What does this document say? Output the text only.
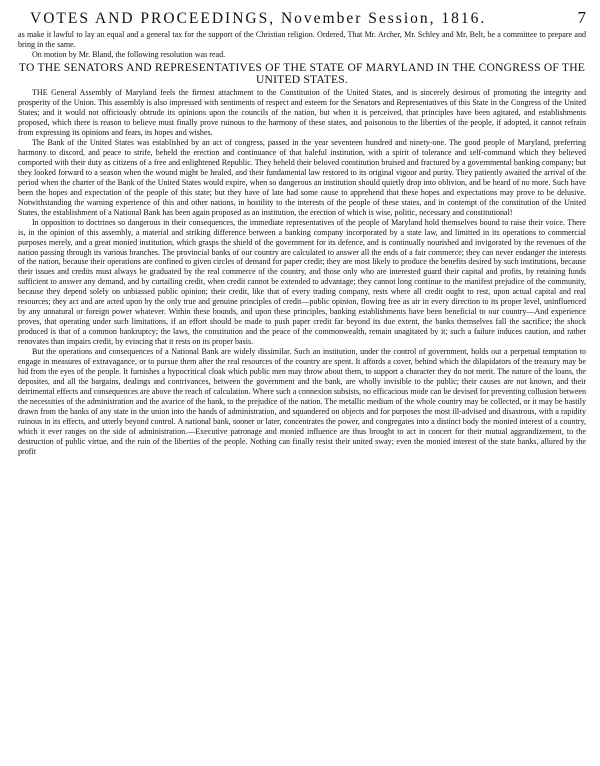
VOTES AND PROCEEDINGS, November Session, 1816.	7

as make it lawful to lay an equal and a general tax for the support of the Christian religion. Ordered, That Mr. Archer, Mr. Schley and Mr. Belt, be a committee to prepare and bring in the same.

On motion by Mr. Bland, the following resolution was read.

TO THE SENATORS AND REPRESENTATIVES OF THE STATE OF MARYLAND IN THE CONGRESS OF THE UNITED STATES.

THE General Assembly of Maryland feels the firmest attachment to the Constitution of the United States, and is sincerely desirous of promoting the integrity and prosperity of the Union. This assembly is also impressed with sentiments of respect and esteem for the Senators and Representatives of this State in the Congress of the United States; and it would not officiously obtrude its opinions upon the councils of the nation, but when it is perceived, that principles have been agitated, and establishments proposed, which there is reason to believe must finally prove ruinous to the harmony of these states, and poisonous to the liberties of the people, if adopted, it cannot refrain from expressing its opinions and fears, its hopes and wishes.

The Bank of the United States was established by an act of congress, passed in the year seventeen hundred and ninety-one. The good people of Maryland, preferring harmony to discord, and peace to strife, beheld the erection and continuance of that baleful institution, with a spirit of tolerance and self-command which they believed comported with their duty as citizens of a free and enlightened Republic. They beheld their beloved constitution bruised and fractured by a governmental banking company; but they looked forward to a season when the wound might be healed, and their fundamental law restored to its original vigour and purity. They patiently awaited the arrival of the period when the charter of the Bank of the United States would expire, when so dangerous an institution should quietly drop into oblivion, and be heard of no more. Such have been the hopes and expectation of the people of this state; but they have of late had some cause to apprehend that these hopes and expectations may prove to be delusive. Notwithstanding the warning experience of this and other nations, in hostility to the interests of the people of these states, and in contempt of the constitution of the United States, the establishment of a National Bank has been again proposed as an institution, the erection of which is wise, politic, necessary and constitutional!

In opposition to doctrines so dangerous in their consequences, the immediate representatives of the people of Maryland hold themselves bound to raise their voice. There is, in the opinion of this assembly, a material and striking difference between a banking company incorporated by a state law, and limitted in its operations to commercial purposes merely, and a great monied institution, which grasps the shield of the government for its defence, and is continually nourished and invigorated by the revenues of the nation passing through its various branches. The provincial banks of our country are calculated to answer all the ends of a fair commerce; they can never endanger the interests of the nation, because their operations are confined to given circles of demand for paper credit; they are most likely to produce the benefits desired by such institutions, because their issues and credits must always be graduated by the real commerce of the country, and those only who are interested guard their capital and profits, by retaining funds sufficient to answer any demand, and by curtailing credit, when credit cannot be extended to advantage; they cannot long continue to the manifest prejudice of the community, because they depend solely on unbiassed public opinion; their credit, like that of every trading company, rests where all credit ought to rest, upon actual capital and real resources; they act and are acted upon by the only true and genuine principles of credit—public opinion, flowing free as air in every direction to its proper level, uninfluenced by any unnatural or foreign power whatever. Within these bounds, and upon these principles, banking establishments have been beneficial to our country—And experience proves, that operating under such limitations, if an effort should be made to push paper credit far beyond its due extent, the banks themselves fall the sacrifice; the shock produced is that of a common bankruptcy; the laws, the constitution and the peace of the commonwealth, remain unagitated by it; such a failure induces caution, and rather renovates than impairs credit, by evincing that it rests on its proper basis.

But the operations and consequences of a National Bank are widely dissimilar. Such an institution, under the control of government, holds out a perpetual temptation to engage in measures of extravagance, or to pursue them after the real resources of the country are spent. It affords a cover, behind which the dilapidators of the treasury may be hid from the eyes of the people. It furnishes a hypocritical cloak which public men may throw about them, to support a character they do not merit. The nature of the loans, the deposites, and all the bargains, dealings and contrivances, between the government and the bank, are wholly invisible to the public; their causes are not known, and their detrimental effects and consequences are above the reach of calculation. Where such a connexion subsists, no efficacious mode can be devised for preventing collusion between the necessities of the administration and the avarice of the bank, to the prejudice of the nation. The metallic medium of the whole country may be collected, or it may be hastily drawn from the banks of any state in the union into the hands of administration, and squandered on objects and for purposes the most ill-advised and disastrous, with a rapidity ruinous in its effects, and utterly beyond control. A national bank, sooner or later, concentrates the power, and congregates into a distinct body the monied interest of a country, which it ever ranges on the side of administration.—Executive patronage and monied influence are thus brought to act in concert for their mutual aggrandizement, to the destruction of public virtue, and the ruin of the liberties of the people. Nothing can finally resist their united sway; even the monied interest of the state banks, allured by the profit
